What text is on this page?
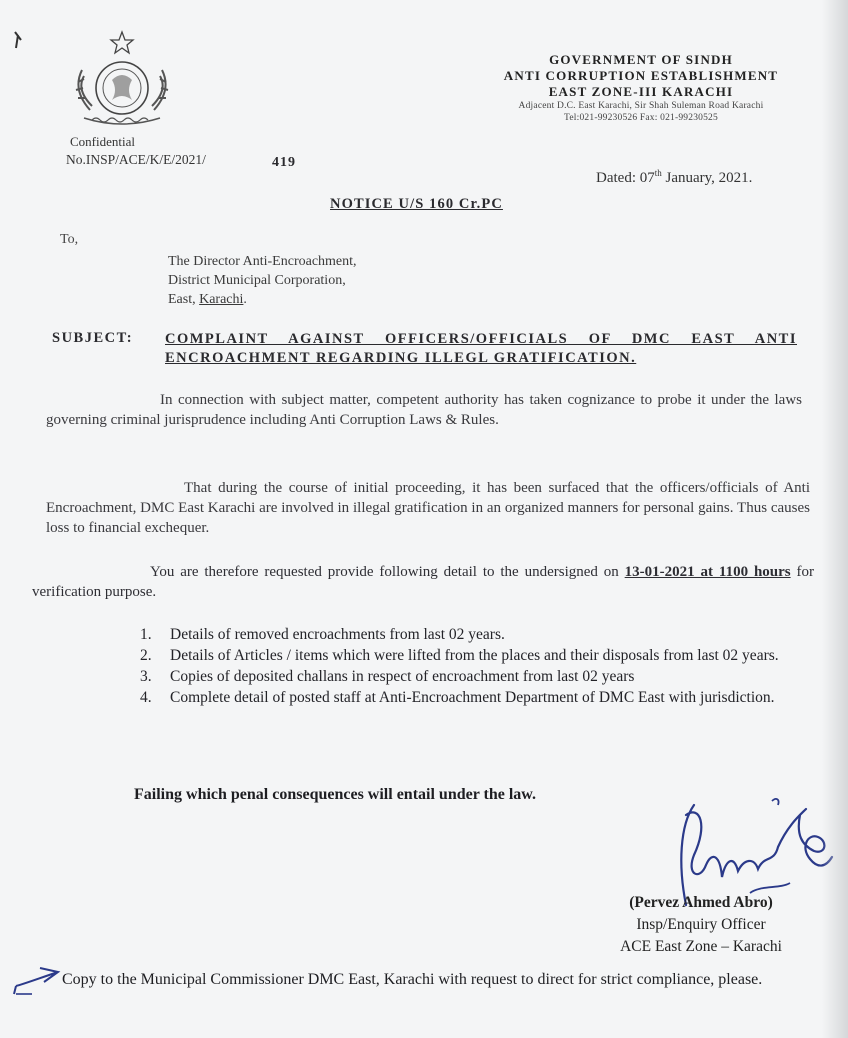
GOVERNMENT OF SINDH
ANTI CORRUPTION ESTABLISHMENT
EAST ZONE-III KARACHI
Adjacent D.C. East Karachi, Sir Shah Suleman Road Karachi
Tel:021-99230526 Fax: 021-99230525
Confidential
No.INSP/ACE/K/E/2021/	419
Dated: 07th January, 2021.
NOTICE U/S 160 Cr.PC
To,
The Director Anti-Encroachment,
District Municipal Corporation,
East, Karachi.
SUBJECT: COMPLAINT AGAINST OFFICERS/OFFICIALS OF DMC EAST ANTI ENCROACHMENT REGARDING ILLEGL GRATIFICATION.
In connection with subject matter, competent authority has taken cognizance to probe it under the laws governing criminal jurisprudence including Anti Corruption Laws & Rules.
That during the course of initial proceeding, it has been surfaced that the officers/officials of Anti Encroachment, DMC East Karachi are involved in illegal gratification in an organized manners for personal gains. Thus causes loss to financial exchequer.
You are therefore requested provide following detail to the undersigned on 13-01-2021 at 1100 hours for verification purpose.
1.	Details of removed encroachments from last 02 years.
2.	Details of Articles / items which were lifted from the places and their disposals from last 02 years.
3.	Copies of deposited challans in respect of encroachment from last 02 years
4.	Complete detail of posted staff at Anti-Encroachment Department of DMC East with jurisdiction.
Failing which penal consequences will entail under the law.
(Pervez Ahmed Abro)
Insp/Enquiry Officer
ACE East Zone – Karachi
Copy to the Municipal Commissioner DMC East, Karachi with request to direct for strict compliance, please.
